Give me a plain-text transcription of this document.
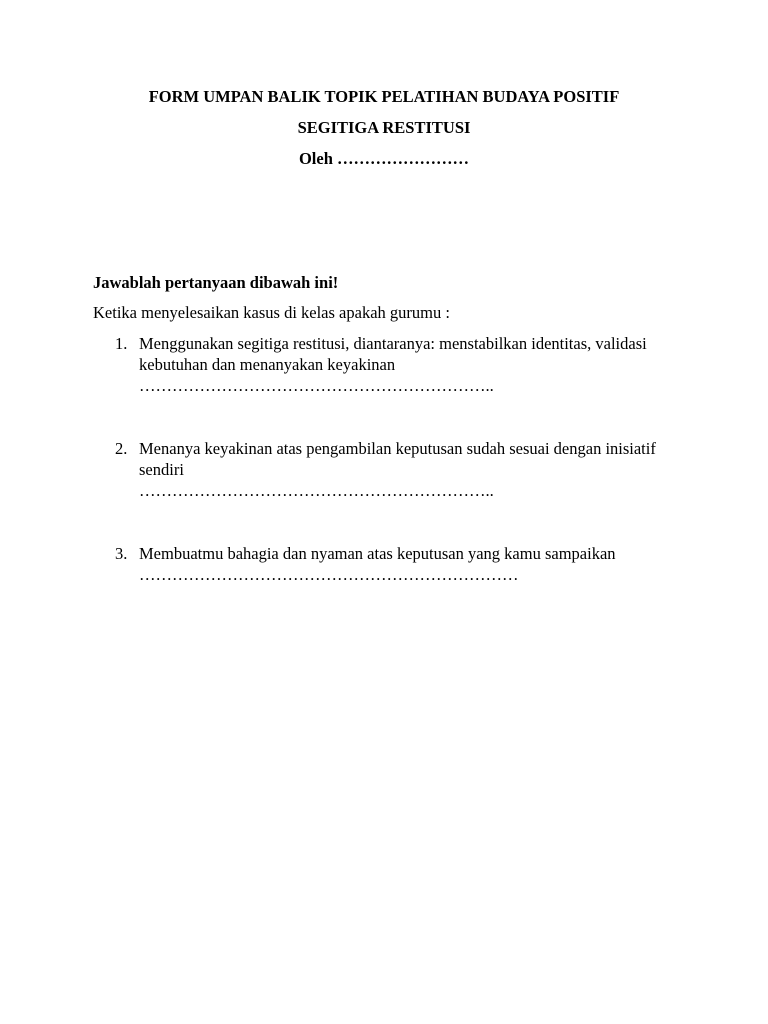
FORM UMPAN BALIK TOPIK PELATIHAN BUDAYA POSITIF
SEGITIGA RESTITUSI
Oleh ……………………
Jawablah pertanyaan dibawah ini!
Ketika menyelesaikan kasus di kelas apakah gurumu :
1. Menggunakan segitiga restitusi, diantaranya: menstabilkan identitas, validasi kebutuhan dan menanyakan keyakinan
………………………………………………………..
2. Menanya keyakinan atas pengambilan keputusan sudah sesuai dengan inisiatif sendiri
………………………………………………………..
3. Membuatmu bahagia dan nyaman atas keputusan yang kamu sampaikan
……………………………………………………………
